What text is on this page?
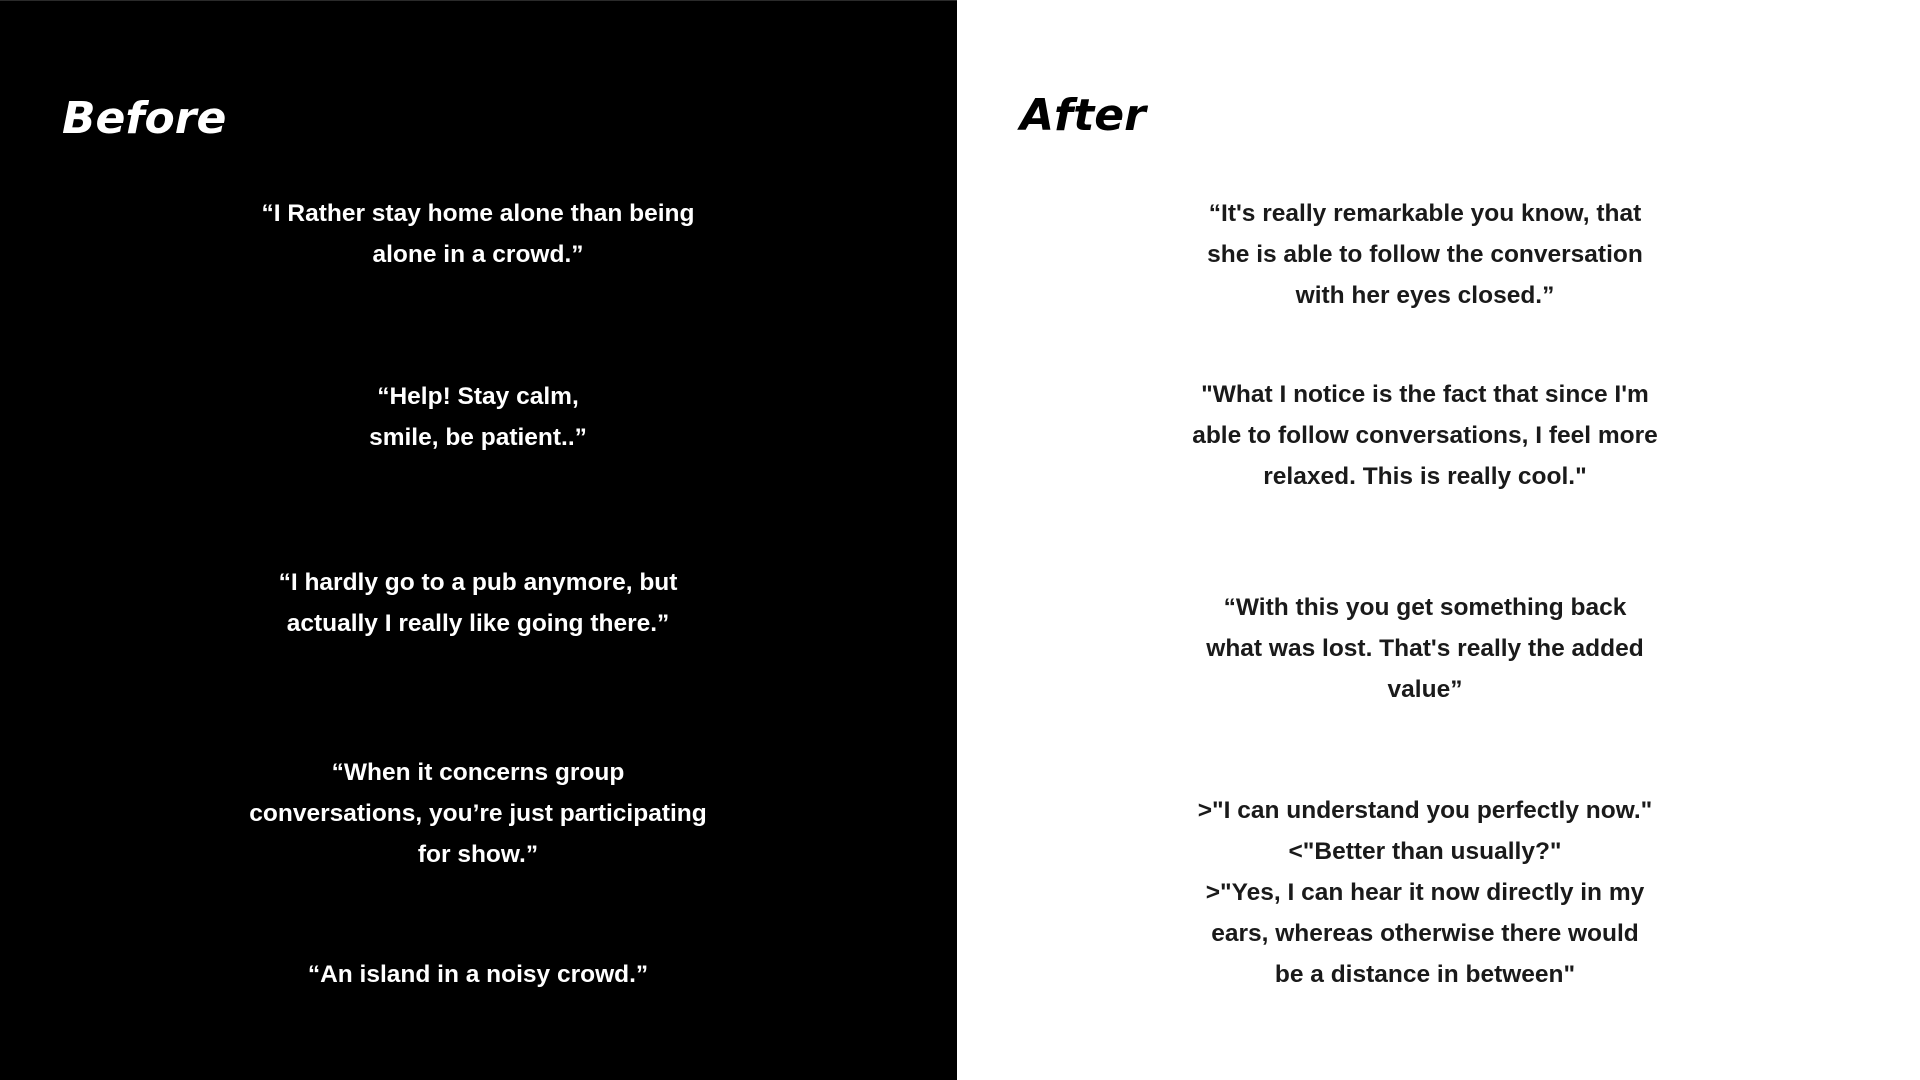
Before

“I Rather stay home alone than being
alone in a crowd.”

“Help! Stay calm,
smile, be patient..”

“I hardly go to a pub anymore, but
actually I really like going there.”

“When it concerns group
conversations, you’re just participating
for show.”

“An island in a noisy crowd.”

After

“It's really remarkable you know, that
she is able to follow the conversation
with her eyes closed.”

"What I notice is the fact that since I'm
able to follow conversations, I feel more
relaxed. This is really cool."

“With this you get something back
what was lost. That's really the added
value”

>"I can understand you perfectly now."
<"Better than usually?"
>"Yes, I can hear it now directly in my
ears, whereas otherwise there would
be a distance in between"
